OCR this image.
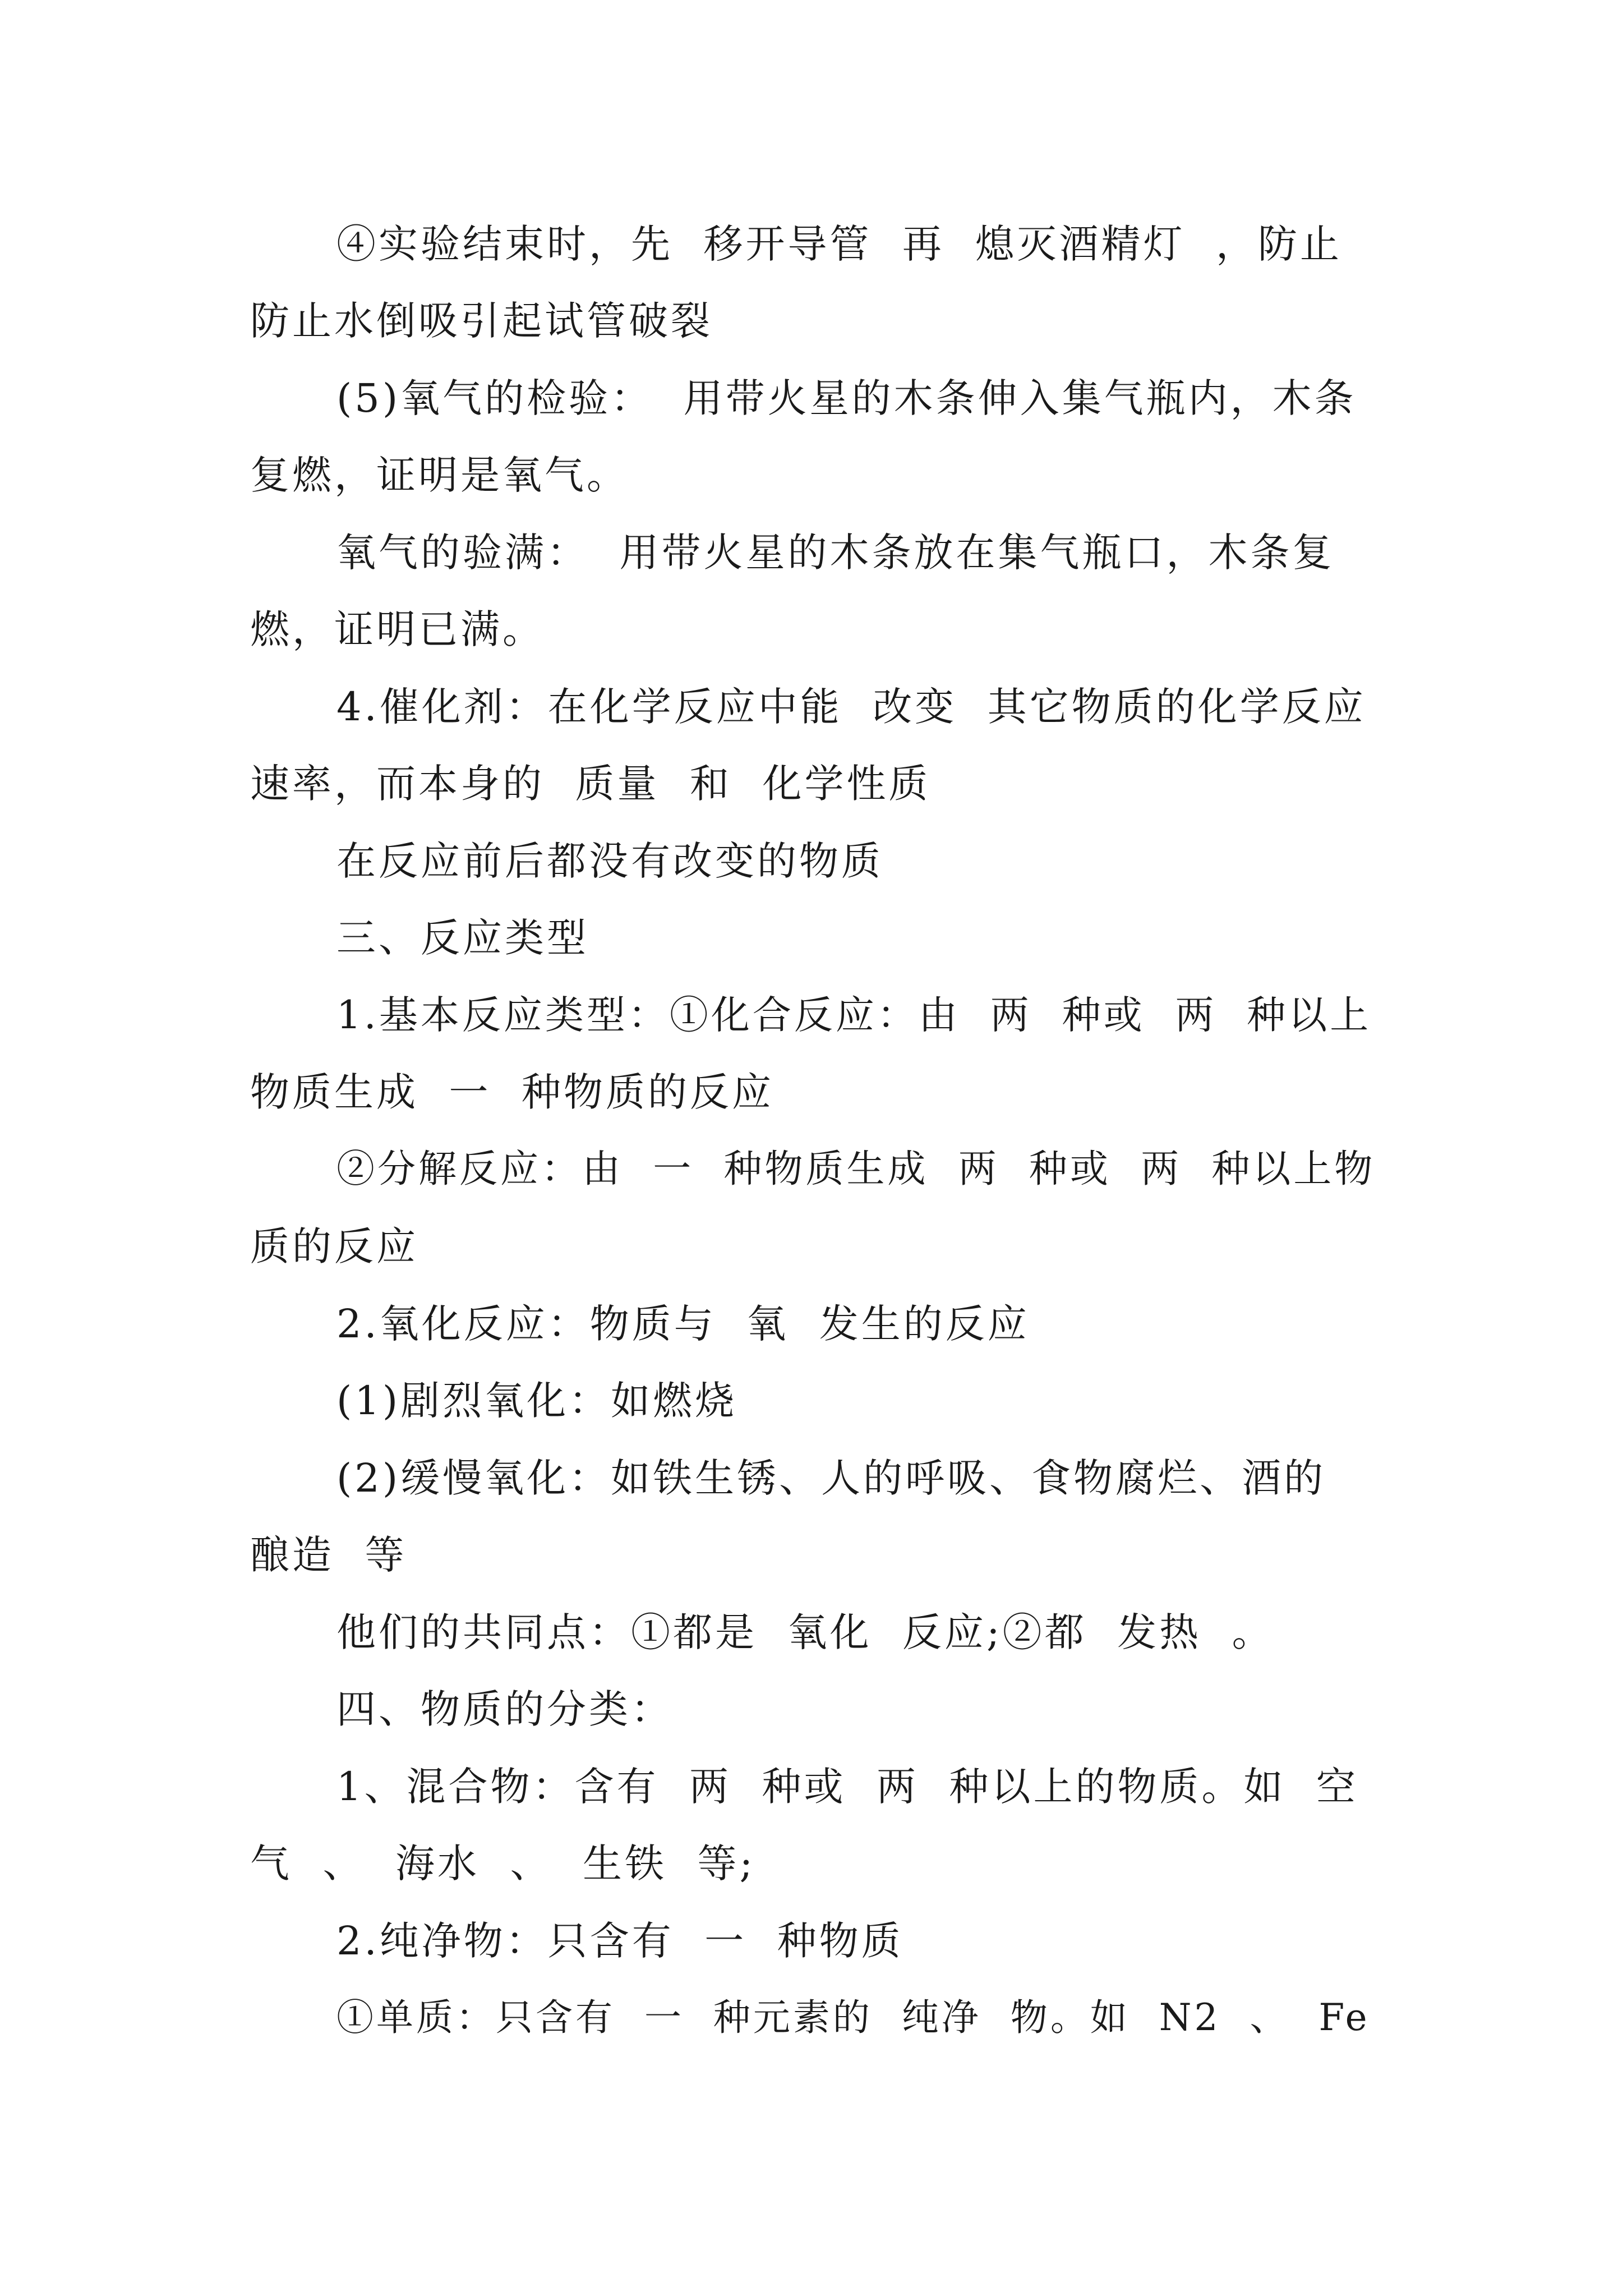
④实验结束时，先  移开导管  再  熄灭酒精灯  ，防止
防止水倒吸引起试管破裂
(5)氧气的检验：  用带火星的木条伸入集气瓶内，木条
复燃，证明是氧气。
氧气的验满：  用带火星的木条放在集气瓶口，木条复
燃，证明已满。
4.催化剂：在化学反应中能  改变  其它物质的化学反应
速率，而本身的  质量  和  化学性质
在反应前后都没有改变的物质
三、反应类型
1.基本反应类型：①化合反应：由  两  种或  两  种以上
物质生成  一  种物质的反应
②分解反应：由  一  种物质生成  两  种或  两  种以上物
质的反应
2.氧化反应：物质与  氧  发生的反应
(1)剧烈氧化：如燃烧
(2)缓慢氧化：如铁生锈、人的呼吸、食物腐烂、酒的
酿造  等
他们的共同点：①都是  氧化  反应;②都  发热  。
四、物质的分类：
1、混合物：含有  两  种或  两  种以上的物质。如  空
气  、  海水  、  生铁  等;
2.纯净物：只含有  一  种物质
①单质：只含有  一  种元素的  纯净  物。如  N2  、  Fe
